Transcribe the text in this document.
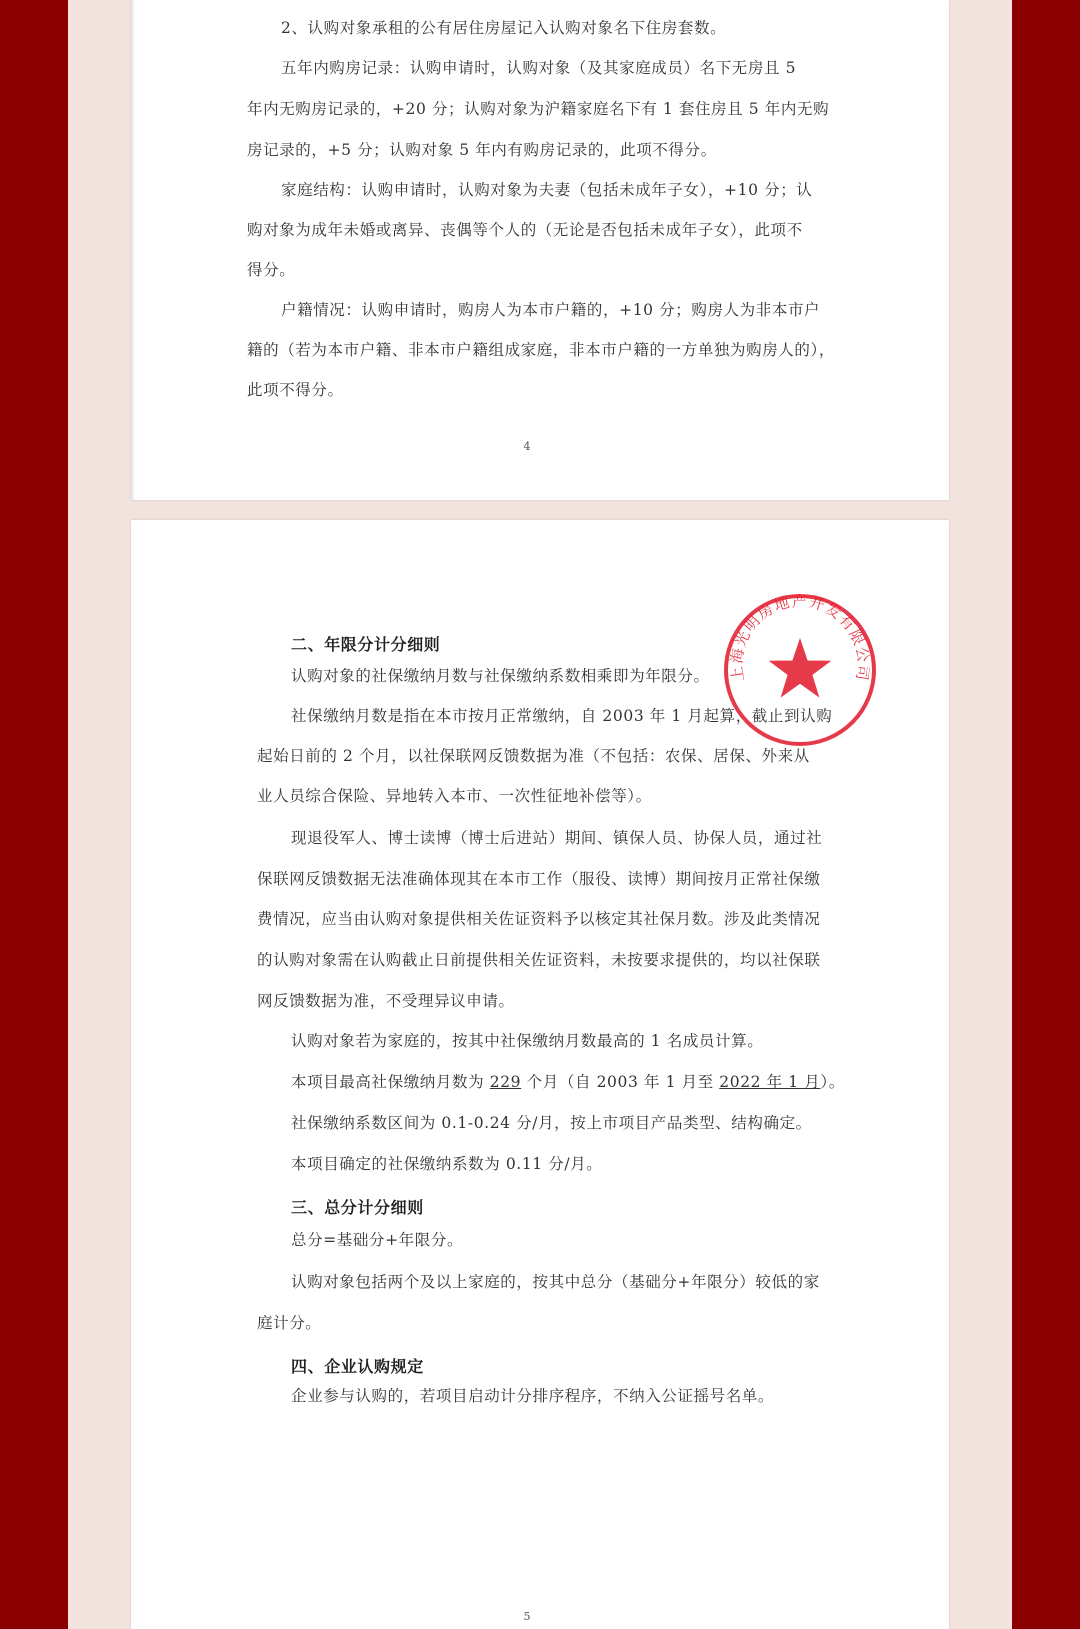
2、认购对象承租的公有居住房屋记入认购对象名下住房套数。

五年内购房记录：认购申请时，认购对象（及其家庭成员）名下无房且 5

年内无购房记录的，+20 分；认购对象为沪籍家庭名下有 1 套住房且 5 年内无购

房记录的，+5 分；认购对象 5 年内有购房记录的，此项不得分。

家庭结构：认购申请时，认购对象为夫妻（包括未成年子女），+10 分；认

购对象为成年未婚或离异、丧偶等个人的（无论是否包括未成年子女），此项不

得分。

户籍情况：认购申请时，购房人为本市户籍的，+10 分；购房人为非本市户

籍的（若为本市户籍、非本市户籍组成家庭，非本市户籍的一方单独为购房人的），

此项不得分。

4

二、年限分计分细则

认购对象的社保缴纳月数与社保缴纳系数相乘即为年限分。

社保缴纳月数是指在本市按月正常缴纳，自 2003 年 1 月起算，截止到认购

起始日前的 2 个月，以社保联网反馈数据为准（不包括：农保、居保、外来从

业人员综合保险、异地转入本市、一次性征地补偿等）。

现退役军人、博士读博（博士后进站）期间、镇保人员、协保人员，通过社

保联网反馈数据无法准确体现其在本市工作（服役、读博）期间按月正常社保缴

费情况，应当由认购对象提供相关佐证资料予以核定其社保月数。涉及此类情况

的认购对象需在认购截止日前提供相关佐证资料，未按要求提供的，均以社保联

网反馈数据为准，不受理异议申请。

认购对象若为家庭的，按其中社保缴纳月数最高的 1 名成员计算。

本项目最高社保缴纳月数为 229 个月（自 2003 年 1 月至 2022 年 1 月）。

社保缴纳系数区间为 0.1-0.24 分/月，按上市项目产品类型、结构确定。

本项目确定的社保缴纳系数为 0.11 分/月。

三、总分计分细则

总分=基础分+年限分。

认购对象包括两个及以上家庭的，按其中总分（基础分+年限分）较低的家

庭计分。

四、企业认购规定

企业参与认购的，若项目启动计分排序程序，不纳入公证摇号名单。

5
上海光明房地产开发有限公司
